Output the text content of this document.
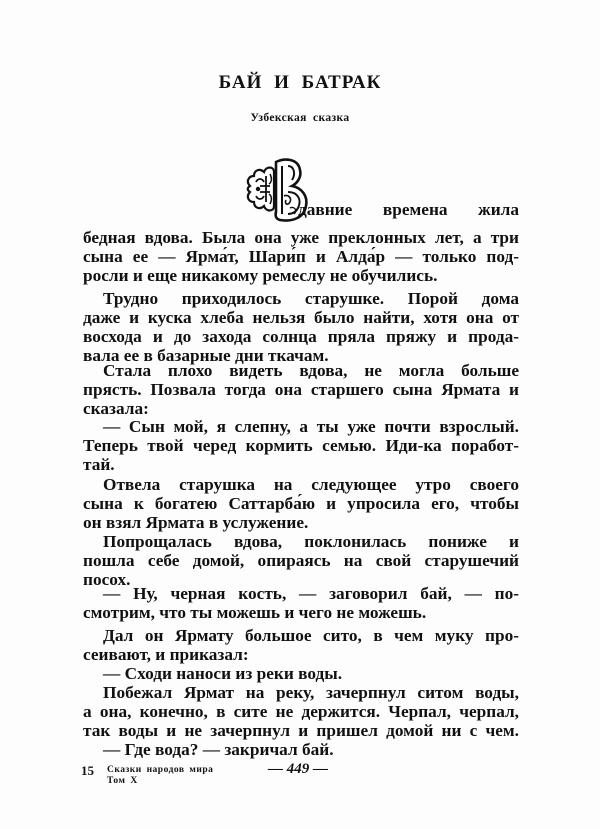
БАЙ И БАТРАК
Узбекская сказка
давние времена жила
бедная вдова. Была она уже преклонных лет, а три
сына ее — Ярма́т, Шари́п и Алда́р — только под-
росли и еще никакому ремеслу не обучились.
Трудно приходилось старушке. Порой дома
даже и куска хлеба нельзя было найти, хотя она от
восхода и до захода солнца пряла пряжу и прода-
вала ее в базарные дни ткачам.
Стала плохо видеть вдова, не могла больше
прясть. Позвала тогда она старшего сына Ярмата и
сказала:
— Сын мой, я слепну, а ты уже почти взрослый.
Теперь твой черед кормить семью. Иди-ка поработ-
тай.
Отвела старушка на следующее утро своего
сына к богатею Саттарба́ю и упросила его, чтобы
он взял Ярмата в услужение.
Попрощалась вдова, поклонилась пониже и
пошла себе домой, опираясь на свой старушечий
посох.
— Ну, черная кость, — заговорил бай, — по-
смотрим, что ты можешь и чего не можешь.
Дал он Ярмату большое сито, в чем муку про-
сеивают, и приказал:
— Сходи наноси из реки воды.
Побежал Ярмат на реку, зачерпнул ситом воды,
а она, конечно, в сите не держится. Черпал, черпал,
так воды и не зачерпнул и пришел домой ни с чем.
— Где вода? — закричал бай.
15 Сказки народов мира
Том X
— 449 —
